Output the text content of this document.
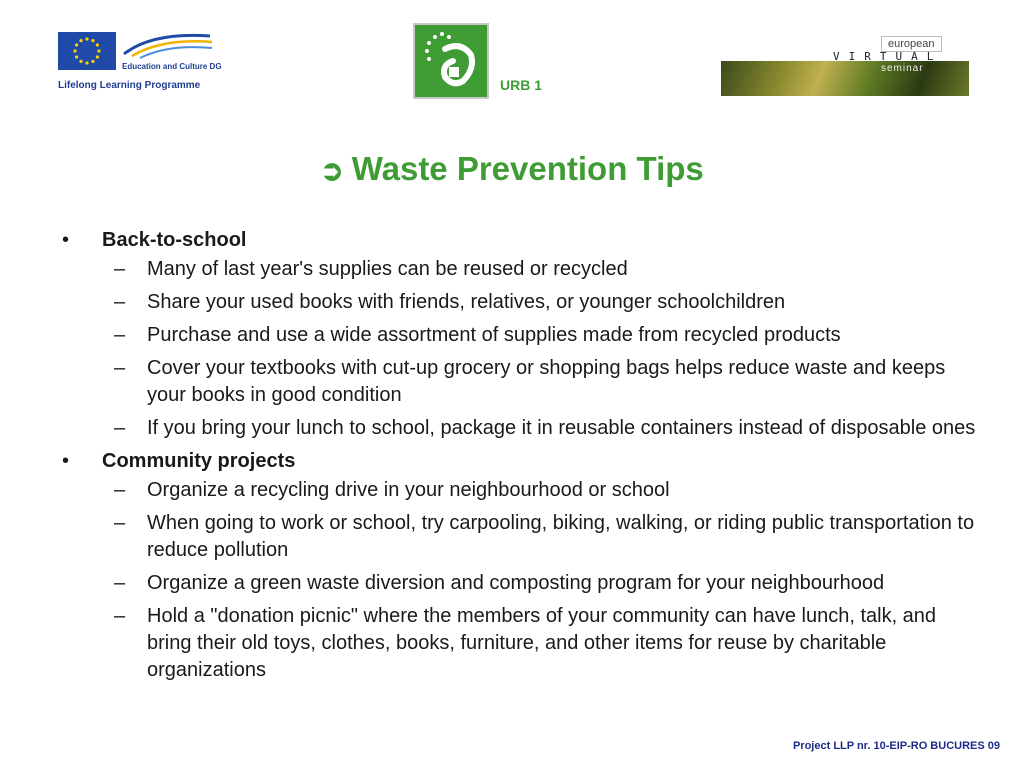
Education and Culture DG
Lifelong Learning Programme	URB 1
european
VIRTUAL
seminar
➲ Waste Prevention Tips
• Back-to-school
– Many of last year's supplies can be reused or recycled
– Share your used books with friends, relatives, or younger schoolchildren
– Purchase and use a wide assortment of supplies made from recycled products
– Cover your textbooks with cut-up grocery or shopping bags helps reduce waste and keeps your books in good condition
– If you bring your lunch to school, package it in reusable containers instead of disposable ones
• Community projects
– Organize a recycling drive in your neighbourhood or school
– When going to work or school, try carpooling, biking, walking, or riding public transportation to reduce pollution
– Organize a green waste diversion and composting program for your neighbourhood
– Hold a "donation picnic" where the members of your community can have lunch, talk, and bring their old toys, clothes, books, furniture, and other items for reuse by charitable organizations
Project LLP nr. 10-EIP-RO BUCURES 09
